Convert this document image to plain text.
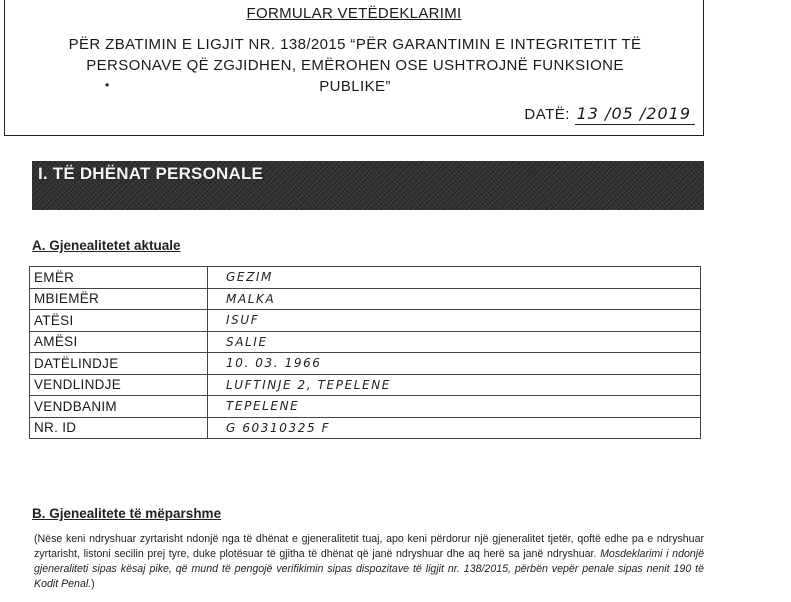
FORMULAR VETËDEKLARIMI
PËR ZBATIMIN E LIGJIT NR. 138/2015 “PËR GARANTIMIN E INTEGRITETIT TË
PERSONAVE QË ZGJIDHEN, EMËROHEN OSE USHTROJNË FUNKSIONE
PUBLIKE”
•
DATË: 13 /05 /2019
I. TË DHËNAT PERSONALE
A. Gjenealitetet aktuale
EMËR	GEZIM
MBIEMËR	MALKA
ATËSI	ISUF
AMËSI	SALIE
DATËLINDJE	10. 03. 1966
VENDLINDJE	LUFTINJE 2, TEPELENE
VENDBANIM	TEPELENE
NR. ID	G 60310325 F
B. Gjenealitete të mëparshme
(Nëse keni ndryshuar zyrtarisht ndonjë nga të dhënat e gjeneralitetit tuaj, apo keni përdorur një gjeneralitet tjetër, qoftë edhe pa e ndryshuar zyrtarisht, listoni secilin prej tyre, duke plotësuar të gjitha të dhënat që janë ndryshuar dhe aq herë sa janë ndryshuar. Mosdeklarimi i ndonjë gjeneraliteti sipas kësaj pike, që mund të pengojë verifikimin sipas dispozitave të ligjit nr. 138/2015, përbën vepër penale sipas nenit 190 të Kodit Penal.)
